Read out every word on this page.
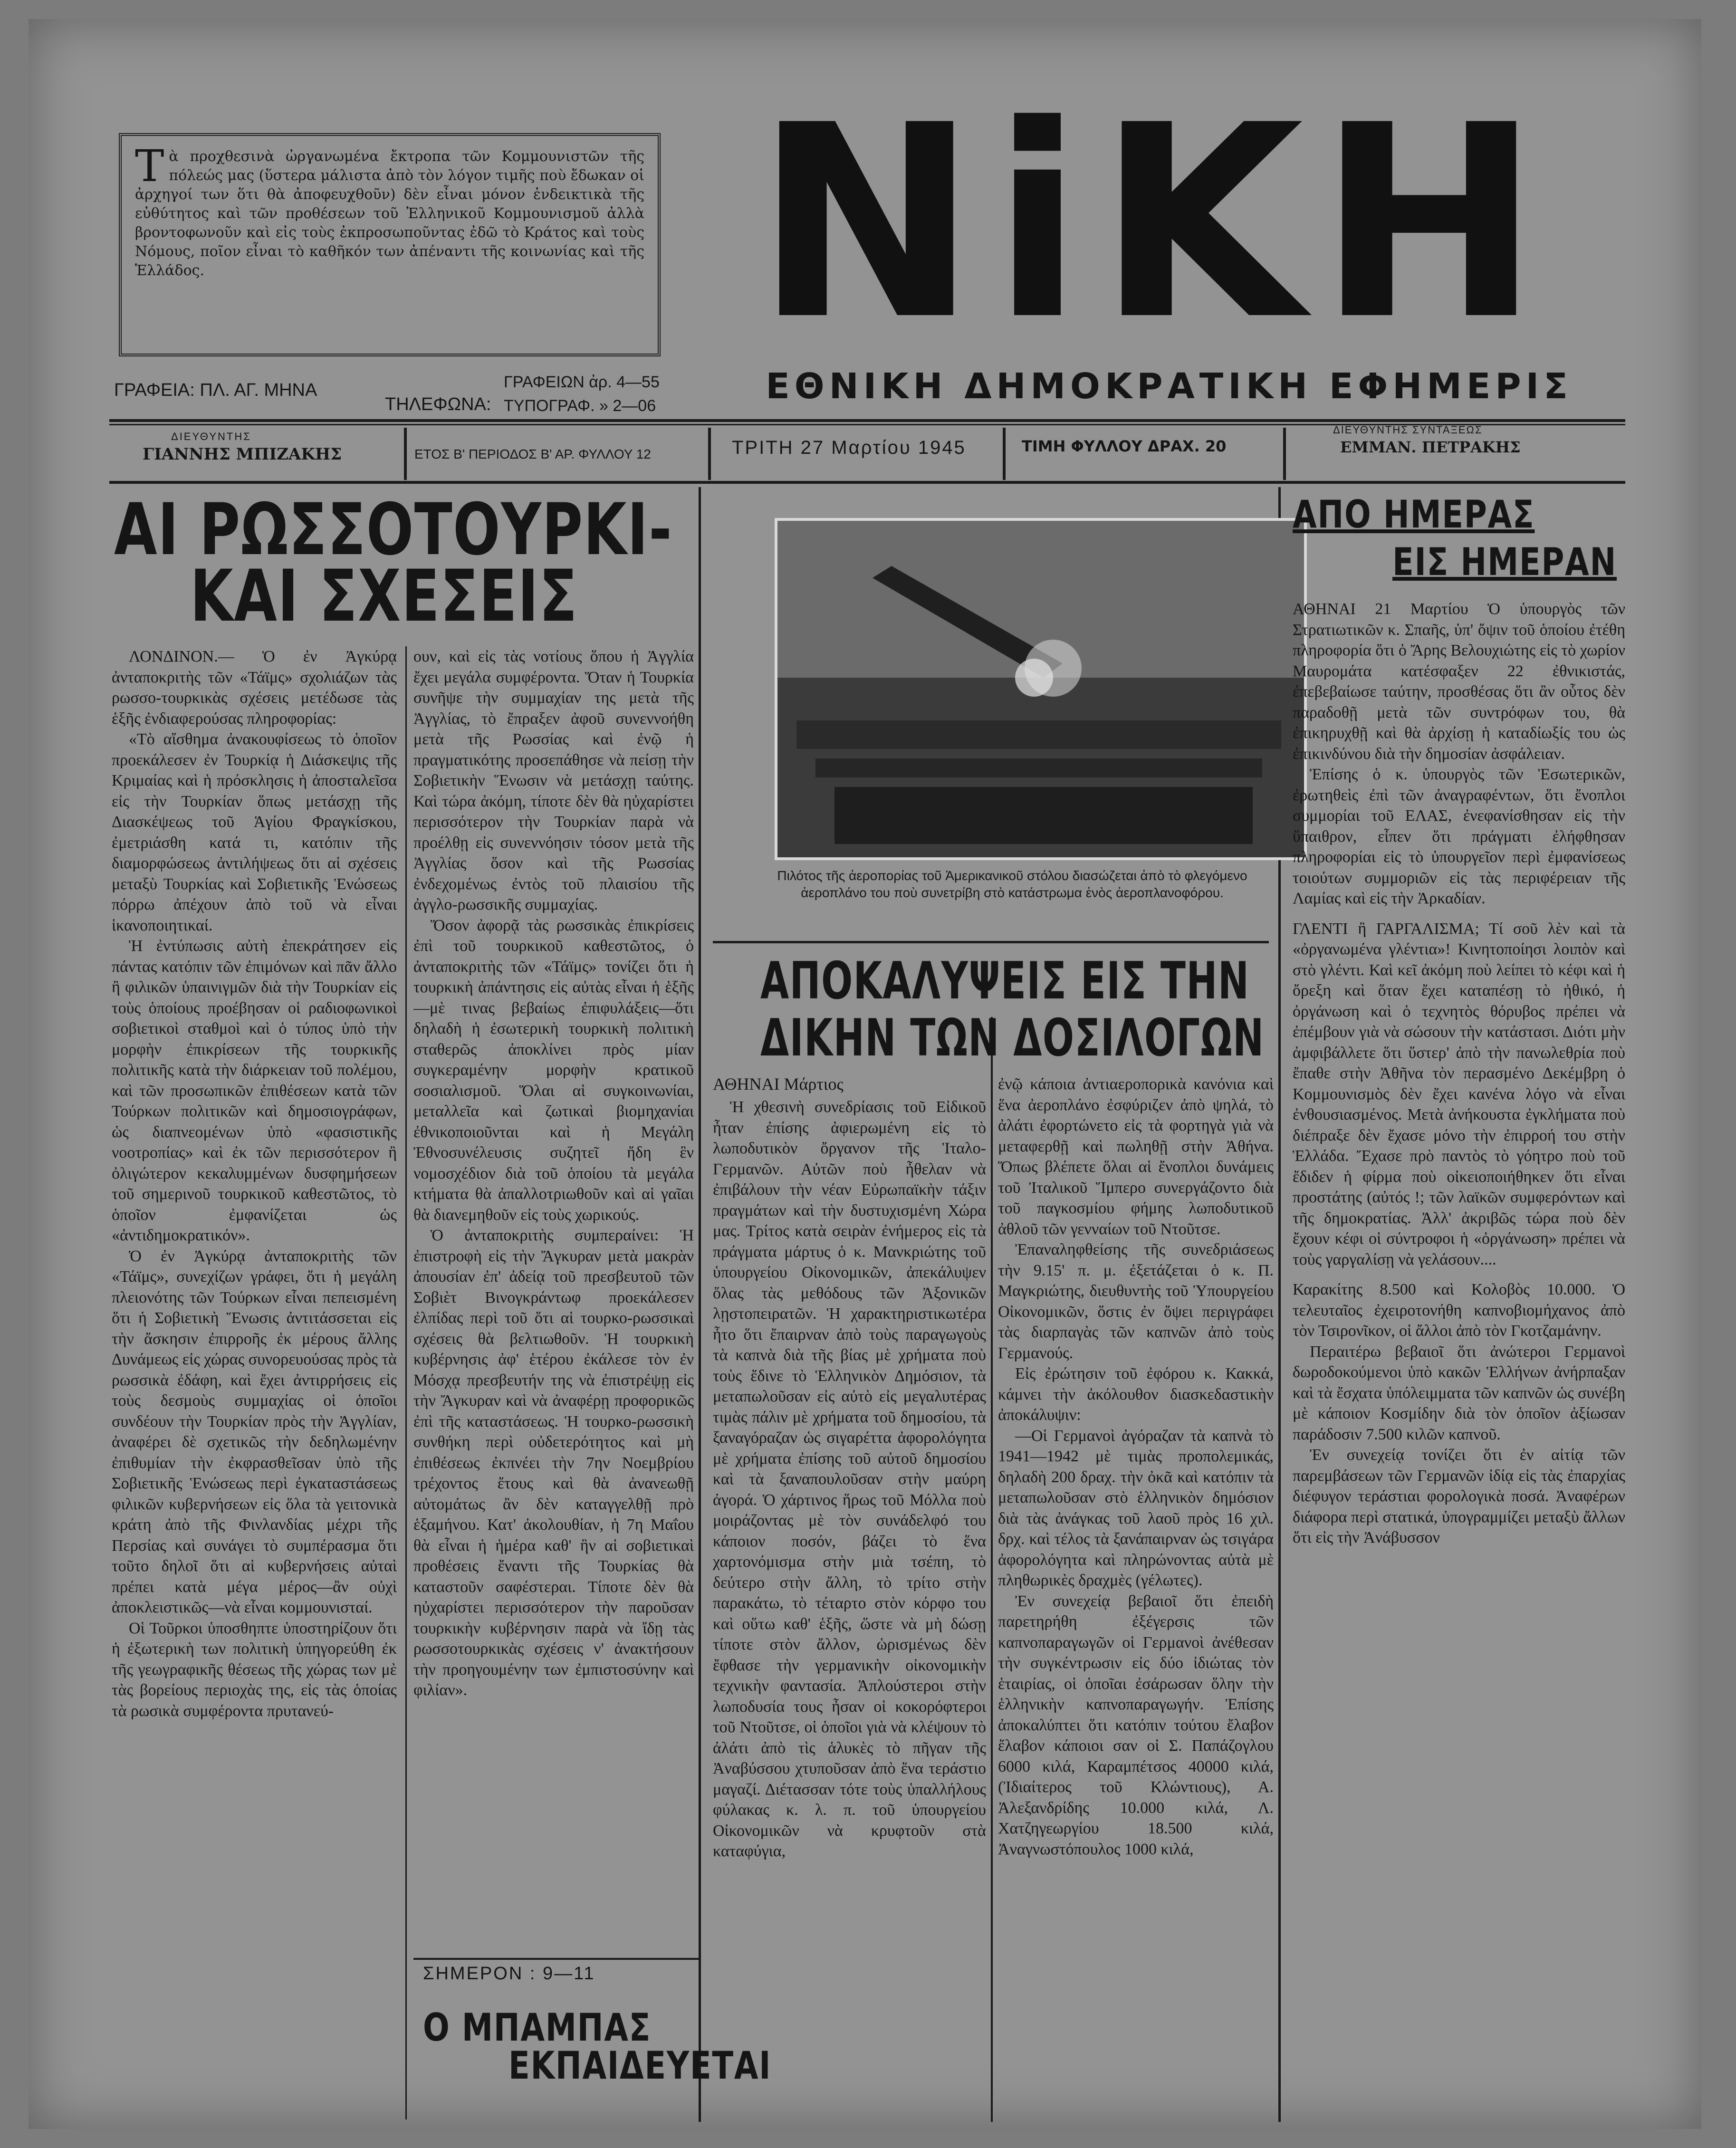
Τ ὰ προχθεσινὰ ὠργανωμένα ἔκτροπα τῶν Κομμουνιστῶν τῆς πόλεώς μας (ὕστερα μάλιστα ἀπὸ τὸν λόγον τιμῆς ποὺ ἔδωκαν οἱ ἀρχηγοί των ὅτι θὰ ἀποφευχθοῦν) δὲν εἶναι μόνον ἐνδεικτικὰ τῆς εὐθύτητος καὶ τῶν προθέσεων τοῦ Ἑλληνικοῦ Κομμουνισμοῦ ἀλλὰ βροντοφωνοῦν καὶ εἰς τοὺς ἐκπροσωποῦντας ἐδῶ τὸ Κράτος καὶ τοὺς Νόμους, ποῖον εἶναι τὸ καθῆκόν των ἀπέναντι τῆς κοινωνίας καὶ τῆς Ἑλλάδος.	ΝiΚΗ
ΓΡΑΦΕΙΑ: ΠΛ. ΑΓ. ΜΗΝΑ
ΤΗΛΕΦΩΝΑ:
ΓΡΑΦΕΙΩΝ ἀρ. 4—55
ΤΥΠΟΓΡΑΦ. » 2—06	ΕΘΝΙΚΗ ΔΗΜΟΚΡΑΤΙΚΗ ΕΦΗΜΕΡΙΣ
ΔΙΕΥΘΥΝΤΗΣ
ΓΙΑΝΝΗΣ ΜΠΙΖΑΚΗΣ	ΕΤΟΣ Β' ΠΕΡΙΟΔΟΣ Β' ΑΡ. ΦΥΛΛΟΥ 12	ΤΡΙΤΗ 27 Μαρτίου 1945	ΤΙΜΗ ΦΥΛΛΟΥ ΔΡΑΧ. 20
ΔΙΕΥΘΥΝΤΗΣ ΣΥΝΤΑΞΕΩΣ
ΕΜΜΑΝ. ΠΕΤΡΑΚΗΣ
ΑΙ ΡΩΣΣΟΤΟΥΡΚΙ-
ΚΑΙ ΣΧΕΣΕΙΣ

ΛΟΝΔΙΝΟΝ.— Ὁ ἐν Ἀγκύρᾳ ἀνταποκριτὴς τῶν «Τάϊμς» σχολιάζων τὰς ρωσσο-τουρκικὰς σχέσεις μετέδωσε τὰς ἑξῆς ἐνδιαφερούσας πληροφορίας:

«Τὸ αἴσθημα ἀνακουφίσεως τὸ ὁποῖον προεκάλεσεν ἐν Τουρκίᾳ ἡ Διάσκεψις τῆς Κριμαίας καὶ ἡ πρόσκλησις ἡ ἀποσταλεῖσα εἰς τὴν Τουρκίαν ὅπως μετάσχῃ τῆς Διασκέψεως τοῦ Ἁγίου Φραγκίσκου, ἐμετριάσθη κατά τι, κατόπιν τῆς διαμορφώσεως ἀντιλήψεως ὅτι αἱ σχέσεις μεταξὺ Τουρκίας καὶ Σοβιετικῆς Ἑνώσεως πόρρω ἀπέχουν ἀπὸ τοῦ νὰ εἶναι ἱκανοποιητικαί.

Ἡ ἐντύπωσις αὐτὴ ἐπεκράτησεν εἰς πάντας κατόπιν τῶν ἐπιμόνων καὶ πᾶν ἄλλο ἢ φιλικῶν ὑπαινιγμῶν διὰ τὴν Τουρκίαν εἰς τοὺς ὁποίους προέβησαν οἱ ραδιοφωνικοὶ σοβιετικοὶ σταθμοὶ καὶ ὁ τύπος ὑπὸ τὴν μορφὴν ἐπικρίσεων τῆς τουρκικῆς πολιτικῆς κατὰ τὴν διάρκειαν τοῦ πολέμου, καὶ τῶν προσωπικῶν ἐπιθέσεων κατὰ τῶν Τούρκων πολιτικῶν καὶ δημοσιογράφων, ὡς διαπνεομένων ὑπὸ «φασιστικῆς νοοτροπίας» καὶ ἐκ τῶν περισσότερον ἢ ὀλιγώτερον κεκαλυμμένων δυσφημήσεων τοῦ σημερινοῦ τουρκικοῦ καθεστῶτος, τὸ ὁποῖον ἐμφανίζεται ὡς «ἀντιδημοκρατικόν».

Ὁ ἐν Ἀγκύρᾳ ἀνταποκριτὴς τῶν «Τάϊμς», συνεχίζων γράφει, ὅτι ἡ μεγάλη πλειονότης τῶν Τούρκων εἶναι πεπεισμένη ὅτι ἡ Σοβιετικὴ Ἕνωσις ἀντιτάσσεται εἰς τὴν ἄσκησιν ἐπιρροῆς ἐκ μέρους ἄλλης Δυνάμεως εἰς χώρας συνορευούσας πρὸς τὰ ρωσσικὰ ἐδάφη, καὶ ἔχει ἀντιρρήσεις εἰς τοὺς δεσμοὺς συμμαχίας οἱ ὁποῖοι συνδέουν τὴν Τουρκίαν πρὸς τὴν Ἀγγλίαν, ἀναφέρει δὲ σχετικῶς τὴν δεδηλωμένην ἐπιθυμίαν τὴν ἐκφρασθεῖσαν ὑπὸ τῆς Σοβιετικῆς Ἑνώσεως περὶ ἐγκαταστάσεως φιλικῶν κυβερνήσεων εἰς ὅλα τὰ γειτονικὰ κράτη ἀπὸ τῆς Φινλανδίας μέχρι τῆς Περσίας καὶ συνάγει τὸ συμπέρασμα ὅτι τοῦτο δηλοῖ ὅτι αἱ κυβερνήσεις αὐταὶ πρέπει κατὰ μέγα μέρος—ἂν οὐχὶ ἀποκλειστικῶς—νὰ εἶναι κομμουνισταί.

Οἱ Τοῦρκοι ὑποσθηπτε ὑποστηρίζουν ὅτι ἡ ἐξωτερικὴ των πολιτικὴ ὑπηγορεύθη ἐκ τῆς γεωγραφικῆς θέσεως τῆς χώρας των μὲ τὰς βορείους περιοχὰς της, εἰς τὰς ὁποίας τὰ ρωσικὰ συμφέροντα πρυτανεύ-

ουν, καὶ εἰς τὰς νοτίους ὅπου ἡ Ἀγγλία ἔχει μεγάλα συμφέροντα. Ὅταν ἡ Τουρκία συνῆψε τὴν συμμαχίαν της μετὰ τῆς Ἀγγλίας, τὸ ἔπραξεν ἀφοῦ συνεννοήθη μετὰ τῆς Ρωσσίας καὶ ἐνῷ ἡ πραγματικότης προσεπάθησε νὰ πείσῃ τὴν Σοβιετικὴν Ἕνωσιν νὰ μετάσχῃ ταύτης. Καὶ τώρα ἀκόμη, τίποτε δὲν θὰ ηὐχαρίστει περισσότερον τὴν Τουρκίαν παρὰ νὰ προέλθῃ εἰς συνεννόησιν τόσον μετὰ τῆς Ἀγγλίας ὅσον καὶ τῆς Ρωσσίας ἐνδεχομένως ἐντὸς τοῦ πλαισίου τῆς ἀγγλο-ρωσσικῆς συμμαχίας.

Ὅσον ἀφορᾷ τὰς ρωσσικὰς ἐπικρίσεις ἐπὶ τοῦ τουρκικοῦ καθεστῶτος, ὁ ἀνταποκριτὴς τῶν «Τάϊμς» τονίζει ὅτι ἡ τουρκικὴ ἀπάντησις εἰς αὐτὰς εἶναι ἡ ἑξῆς—μὲ τινας βεβαίως ἐπιφυλάξεις—ὅτι δηλαδὴ ἡ ἐσωτερικὴ τουρκικὴ πολιτικὴ σταθερῶς ἀποκλίνει πρὸς μίαν συγκεραμένην μορφὴν κρατικοῦ σοσιαλισμοῦ. Ὅλαι αἱ συγκοινωνίαι, μεταλλεῖα καὶ ζωτικαὶ βιομηχανίαι ἐθνικοποιοῦνται καὶ ἡ Μεγάλη Ἐθνοσυνέλευσις συζητεῖ ἤδη ἓν νομοσχέδιον διὰ τοῦ ὁποίου τὰ μεγάλα κτήματα θὰ ἀπαλλοτριωθοῦν καὶ αἱ γαῖαι θὰ διανεμηθοῦν εἰς τοὺς χωρικούς.

Ὁ ἀνταποκριτὴς συμπεραίνει: Ἡ ἐπιστροφὴ εἰς τὴν Ἄγκυραν μετὰ μακρὰν ἀπουσίαν ἐπ' ἀδείᾳ τοῦ πρεσβευτοῦ τῶν Σοβιὲτ Βινογκράντωφ προεκάλεσεν ἐλπίδας περὶ τοῦ ὅτι αἱ τουρκο-ρωσσικαὶ σχέσεις θὰ βελτιωθοῦν. Ἡ τουρκικὴ κυβέρνησις ἀφ' ἑτέρου ἐκάλεσε τὸν ἐν Μόσχᾳ πρεσβευτήν της νὰ ἐπιστρέψῃ εἰς τὴν Ἄγκυραν καὶ νὰ ἀναφέρῃ προφορικῶς ἐπὶ τῆς καταστάσεως. Ἡ τουρκο-ρωσσικὴ συνθήκη περὶ οὐδετερότητος καὶ μὴ ἐπιθέσεως ἐκπνέει τὴν 7ην Νοεμβρίου τρέχοντος ἔτους καὶ θὰ ἀνανεωθῇ αὐτομάτως ἂν δὲν καταγγελθῇ πρὸ ἑξαμήνου. Κατ' ἀκολουθίαν, ἡ 7η Μαΐου θὰ εἶναι ἡ ἡμέρα καθ' ἣν αἱ σοβιετικαὶ προθέσεις ἔναντι τῆς Τουρκίας θὰ καταστοῦν σαφέστεραι. Τίποτε δὲν θὰ ηὐχαρίστει περισσότερον τὴν παροῦσαν τουρκικὴν κυβέρνησιν παρὰ νὰ ἴδῃ τὰς ρωσσοτουρκικὰς σχέσεις ν' ἀνακτήσουν τὴν προηγουμένην των ἐμπιστοσύνην καὶ φιλίαν».

ΣΗΜΕΡΟΝ : 9—11
Ο ΜΠΑΜΠΑΣ
ΕΚΠΑΙΔΕΥΕΤΑΙ
Πιλότος τῆς ἀεροπορίας τοῦ Ἀμερικανικοῦ στόλου διασώζεται ἀπὸ τὸ φλεγόμενο ἀεροπλάνο του ποὺ συνετρίβη στὸ κατάστρωμα ἑνὸς ἀεροπλανοφόρου.
ΑΠΟΚΑΛΥΨΕΙΣ ΕΙΣ ΤΗΝ
ΔΙΚΗΝ ΤΩΝ ΔΟΣΙΛΟΓΩΝ
ΑΘΗΝΑΙ Μάρτιος

Ἡ χθεσινὴ συνεδρίασις τοῦ Εἰδικοῦ ἦταν ἐπίσης ἀφιερωμένη εἰς τὸ λωποδυτικὸν ὄργανον τῆς Ἰταλο-Γερμανῶν. Αὐτῶν ποὺ ἦθελαν νὰ ἐπιβάλουν τὴν νέαν Εὐρωπαϊκὴν τάξιν πραγμάτων καὶ τὴν δυστυχισμένη Χώρα μας. Τρίτος κατὰ σειρὰν ἐνήμερος εἰς τὰ πράγματα μάρτυς ὁ κ. Μανκριώτης τοῦ ὑπουργείου Οἰκονομικῶν, ἀπεκάλυψεν ὅλας τὰς μεθόδους τῶν Ἀξονικῶν λῃστοπειρατῶν. Ἡ χαρακτηριστικωτέρα ἦτο ὅτι ἔπαιρναν ἀπὸ τοὺς παραγωγοὺς τὰ καπνὰ διὰ τῆς βίας μὲ χρήματα ποὺ τοὺς ἔδινε τὸ Ἑλληνικὸν Δημόσιον, τὰ μεταπωλοῦσαν εἰς αὐτὸ εἰς μεγαλυτέρας τιμὰς πάλιν μὲ χρήματα τοῦ δημοσίου, τὰ ξαναγόραζαν ὡς σιγαρέττα ἀφορολόγητα μὲ χρήματα ἐπίσης τοῦ αὐτοῦ δημοσίου καὶ τὰ ξαναπουλοῦσαν στὴν μαύρη ἀγορά. Ὁ χάρτινος ἥρως τοῦ Μόλλα ποὺ μοιράζοντας μὲ τὸν συνάδελφό του κάποιον ποσόν, βάζει τὸ ἕνα χαρτονόμισμα στὴν μιὰ τσέπη, τὸ δεύτερο στὴν ἄλλη, τὸ τρίτο στὴν παρακάτω, τὸ τέταρτο στὸν κόρφο του καὶ οὕτω καθ' ἑξῆς, ὥστε νὰ μὴ δώσῃ τίποτε στὸν ἄλλον, ὡρισμένως δὲν ἔφθασε τὴν γερμανικὴν οἰκονομικὴν τεχνικὴν φαντασία. Ἀπλούστεροι στὴν λωποδυσία τους ἦσαν οἱ κοκορόφτεροι τοῦ Ντοῦτσε, οἱ ὁποῖοι γιὰ νὰ κλέψουν τὸ ἀλάτι ἀπὸ τὶς ἁλυκὲς τὸ πῆγαν τῆς Ἀναβύσσου χτυποῦσαν ἀπὸ ἕνα τεράστιο μαγαζί. Διέτασσαν τότε τοὺς ὑπαλλήλους φύλακας κ. λ. π. τοῦ ὑπουργείου Οἰκονομικῶν νὰ κρυφτοῦν στὰ καταφύγια,

ἐνῷ κάποια ἀντιαεροπορικὰ κανόνια καὶ ἕνα ἀεροπλάνο ἐσφύριζεν ἀπὸ ψηλά, τὸ ἀλάτι ἐφορτώνετο εἰς τὰ φορτηγὰ γιὰ νὰ μεταφερθῇ καὶ πωληθῇ στὴν Ἀθήνα. Ὅπως βλέπετε ὅλαι αἱ ἔνοπλοι δυνάμεις τοῦ Ἰταλικοῦ Ἵμπερο συνεργάζοντο διὰ τοῦ παγκοσμίου φήμης λωποδυτικοῦ ἀθλοῦ τῶν γενναίων τοῦ Ντοῦτσε.

Ἐπαναληφθείσης τῆς συνεδριάσεως τὴν 9.15' π. μ. ἐξετάζεται ὁ κ. Π. Μαγκριώτης, διευθυντὴς τοῦ Ὑπουργείου Οἰκονομικῶν, ὅστις ἐν ὄψει περιγράφει τὰς διαρπαγὰς τῶν καπνῶν ἀπὸ τοὺς Γερμανούς.

Εἰς ἐρώτησιν τοῦ ἐφόρου κ. Κακκά, κάμνει τὴν ἀκόλουθον διασκεδαστικὴν ἀποκάλυψιν:

—Οἱ Γερμανοὶ ἀγόραζαν τὰ καπνὰ τὸ 1941—1942 μὲ τιμὰς προπολεμικάς, δηλαδὴ 200 δραχ. τὴν ὀκᾶ καὶ κατόπιν τὰ μεταπωλοῦσαν στὸ ἑλληνικὸν δημόσιον διὰ τὰς ἀνάγκας τοῦ λαοῦ πρὸς 16 χιλ. δρχ. καὶ τέλος τὰ ξανάπαιρναν ὡς τσιγάρα ἀφορολόγητα καὶ πληρώνοντας αὐτὰ μὲ πληθωρικὲς δραχμὲς (γέλωτες).

Ἐν συνεχείᾳ βεβαιοῖ ὅτι ἐπειδὴ παρετηρήθη ἐξέγερσις τῶν καπνοπαραγωγῶν οἱ Γερμανοὶ ἀνέθεσαν τὴν συγκέντρωσιν εἰς δύο ἰδιώτας τὸν ἑταιρίας, οἱ ὁποῖαι ἐσάρωσαν ὅλην τὴν ἑλληνικὴν καπνοπαραγωγήν. Ἐπίσης ἀποκαλύπτει ὅτι κατόπιν τούτου ἔλαβον ἔλαβον κάποιοι σαν οἱ Σ. Παπάζογλου 6000 κιλά, Καραμπέτσος 40000 κιλά, (Ἰδιαίτερος τοῦ Κλώντιους), Α. Ἀλεξανδρίδης 10.000 κιλά, Λ. Χατζηγεωργίου 18.500 κιλά, Ἀναγνωστόπουλος 1000 κιλά,

ΑΠΟ ΗΜΕΡΑΣ
ΕΙΣ ΗΜΕΡΑΝ

ΑΘΗΝΑΙ 21 Μαρτίου Ὁ ὑπουργὸς τῶν Στρατιωτικῶν κ. Σπαῆς, ὑπ' ὄψιν τοῦ ὁποίου ἐτέθη πληροφορία ὅτι ὁ Ἄρης Βελουχιώτης εἰς τὸ χωρίον Μαυρομάτα κατέσφαξεν 22 ἐθνικιστάς, ἐπεβεβαίωσε ταύτην, προσθέσας ὅτι ἂν οὗτος δὲν παραδοθῇ μετὰ τῶν συντρόφων του, θὰ ἐπικηρυχθῇ καὶ θὰ ἀρχίσῃ ἡ καταδίωξίς του ὡς ἐπικινδύνου διὰ τὴν δημοσίαν ἀσφάλειαν.

Ἐπίσης ὁ κ. ὑπουργὸς τῶν Ἐσωτερικῶν, ἐρωτηθεὶς ἐπὶ τῶν ἀναγραφέντων, ὅτι ἔνοπλοι συμμορίαι τοῦ ΕΛΑΣ, ἐνεφανίσθησαν εἰς τὴν ὕπαιθρον, εἶπεν ὅτι πράγματι ἐλήφθησαν πληροφορίαι εἰς τὸ ὑπουργεῖον περὶ ἐμφανίσεως τοιούτων συμμοριῶν εἰς τὰς περιφέρειαν τῆς Λαμίας καὶ εἰς τὴν Ἀρκαδίαν.

ΓΛΕΝΤΙ ἢ ΓΑΡΓΑΛΙΣΜΑ; Τί σοῦ λὲν καὶ τὰ «ὀργανωμένα γλέντια»! Κινητοποίησι λοιπὸν καὶ στὸ γλέντι. Καὶ κεῖ ἀκόμη ποὺ λείπει τὸ κέφι καὶ ἡ ὄρεξη καὶ ὅταν ἔχει καταπέσῃ τὸ ἠθικό, ἡ ὀργάνωση καὶ ὁ τεχνητὸς θόρυβος πρέπει νὰ ἐπέμβουν γιὰ νὰ σώσουν τὴν κατάστασι. Διότι μὴν ἀμφιβάλλετε ὅτι ὕστερ' ἀπὸ τὴν πανωλεθρία ποὺ ἔπαθε στὴν Ἀθῆνα τὸν περασμένο Δεκέμβρη ὁ Κομμουνισμὸς δὲν ἔχει κανένα λόγο νὰ εἶναι ἐνθουσιασμένος. Μετὰ ἀνήκουστα ἐγκλήματα ποὺ διέπραξε δὲν ἔχασε μόνο τὴν ἐπιρροή του στὴν Ἑλλάδα. Ἔχασε πρὸ παντὸς τὸ γόητρο ποὺ τοῦ ἔδιδεν ἡ φίρμα ποὺ οἰκειοποιήθηκεν ὅτι εἶναι προστάτης (αὐτός !; τῶν λαϊκῶν συμφερόντων καὶ τῆς δημοκρατίας. Ἀλλ' ἀκριβῶς τώρα ποὺ δὲν ἔχουν κέφι οἱ σύντροφοι ἡ «ὀργάνωση» πρέπει νὰ τοὺς γαργαλίσῃ νὰ γελάσουν....

Καρακίτης 8.500 καὶ Κολοβὸς 10.000. Ὁ τελευταῖος ἐχειροτονήθη καπνοβιομήχανος ἀπὸ τὸν Τσιρονῖκον, οἱ ἄλλοι ἀπὸ τὸν Γκοτζαμάνην.

Περαιτέρω βεβαιοῖ ὅτι ἀνώτεροι Γερμανοὶ δωροδοκούμενοι ὑπὸ κακῶν Ἑλλήνων ἀνήρπαξαν καὶ τὰ ἔσχατα ὑπόλειμματα τῶν καπνῶν ὡς συνέβη μὲ κάποιον Κοσμίδην διὰ τὸν ὁποῖον ἀξίωσαν παράδοσιν 7.500 κιλῶν καπνοῦ.

Ἐν συνεχείᾳ τονίζει ὅτι ἐν αἰτίᾳ τῶν παρεμβάσεων τῶν Γερμανῶν ἰδίᾳ εἰς τὰς ἐπαρχίας διέφυγον τεράστιαι φορολογικὰ ποσά. Ἀναφέρων διάφορα περὶ στατικά, ὑπογραμμίζει μεταξὺ ἄλλων ὅτι εἰς τὴν Ἀνάβυσσον
